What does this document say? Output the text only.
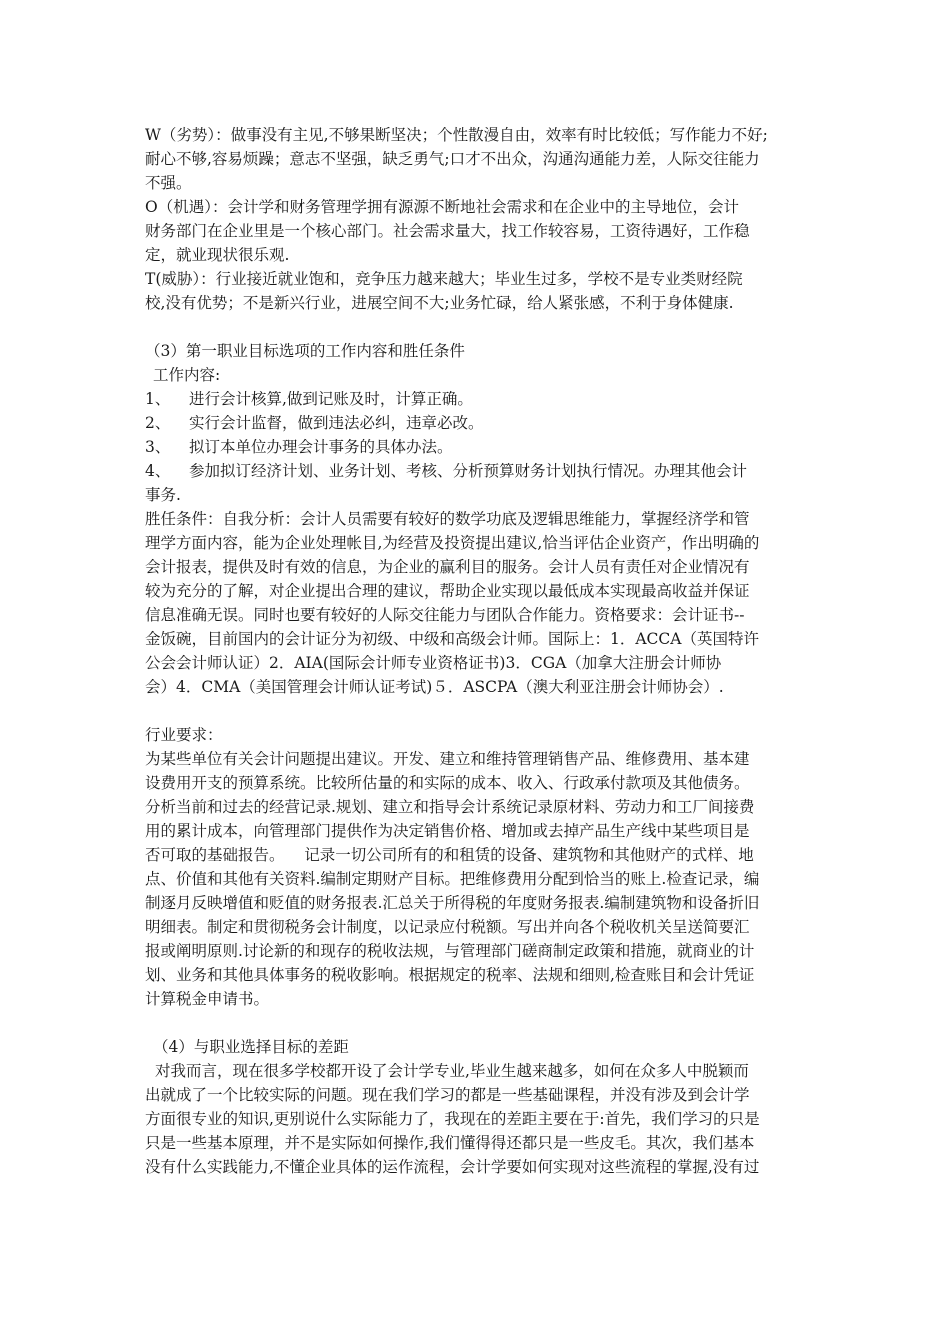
W（劣势）：做事没有主见,不够果断坚决；个性散漫自由，效率有时比较低；写作能力不好;
耐心不够,容易烦躁；意志不坚强，缺乏勇气;口才不出众，沟通沟通能力差，人际交往能力
不强。
O（机遇）：会计学和财务管理学拥有源源不断地社会需求和在企业中的主导地位，会计
财务部门在企业里是一个核心部门。社会需求量大，找工作较容易，工资待遇好，工作稳
定，就业现状很乐观.
T(威胁）：行业接近就业饱和，竞争压力越来越大；毕业生过多，学校不是专业类财经院
校,没有优势；不是新兴行业，进展空间不大;业务忙碌，给人紧张感，不利于身体健康.
（3）第一职业目标选项的工作内容和胜任条件
工作内容:
1、	进行会计核算,做到记账及时，计算正确。
2、	实行会计监督，做到违法必纠，违章必改。
3、	拟订本单位办理会计事务的具体办法。
4、	参加拟订经济计划、业务计划、考核、分析预算财务计划执行情况。办理其他会计
事务.
胜任条件：自我分析：会计人员需要有较好的数学功底及逻辑思维能力，掌握经济学和管
理学方面内容，能为企业处理帐目,为经营及投资提出建议,恰当评估企业资产，作出明确的
会计报表，提供及时有效的信息，为企业的赢利目的服务。会计人员有责任对企业情况有
较为充分的了解，对企业提出合理的建议，帮助企业实现以最低成本实现最高收益并保证
信息准确无误。同时也要有较好的人际交往能力与团队合作能力。资格要求：会计证书--
金饭碗，目前国内的会计证分为初级、中级和高级会计师。国际上：1．ACCA（英国特许
公会会计师认证）2．AIA(国际会计师专业资格证书)3．CGA（加拿大注册会计师协
会）4．CMA（美国管理会计师认证考试)５．ASCPA（澳大利亚注册会计师协会）.
行业要求：
为某些单位有关会计问题提出建议。开发、建立和维持管理销售产品、维修费用、基本建
设费用开支的预算系统。比较所估量的和实际的成本、收入、行政承付款项及其他债务。
分析当前和过去的经营记录.规划、建立和指导会计系统记录原材料、劳动力和工厂间接费
用的累计成本，向管理部门提供作为决定销售价格、增加或去掉产品生产线中某些项目是
否可取的基础报告。    记录一切公司所有的和租赁的设备、建筑物和其他财产的式样、地
点、价值和其他有关资料.编制定期财产目标。把维修费用分配到恰当的账上.检查记录，编
制逐月反映增值和贬值的财务报表.汇总关于所得税的年度财务报表.编制建筑物和设备折旧
明细表。制定和贯彻税务会计制度，以记录应付税额。写出并向各个税收机关呈送简要汇
报或阐明原则.讨论新的和现存的税收法规，与管理部门磋商制定政策和措施，就商业的计
划、业务和其他具体事务的税收影响。根据规定的税率、法规和细则,检查账目和会计凭证
计算税金申请书。
（4）与职业选择目标的差距
对我而言，现在很多学校都开设了会计学专业,毕业生越来越多，如何在众多人中脱颖而
出就成了一个比较实际的问题。现在我们学习的都是一些基础课程，并没有涉及到会计学
方面很专业的知识,更别说什么实际能力了，我现在的差距主要在于:首先，我们学习的只是
只是一些基本原理，并不是实际如何操作,我们懂得得还都只是一些皮毛。其次，我们基本
没有什么实践能力,不懂企业具体的运作流程，会计学要如何实现对这些流程的掌握,没有过
